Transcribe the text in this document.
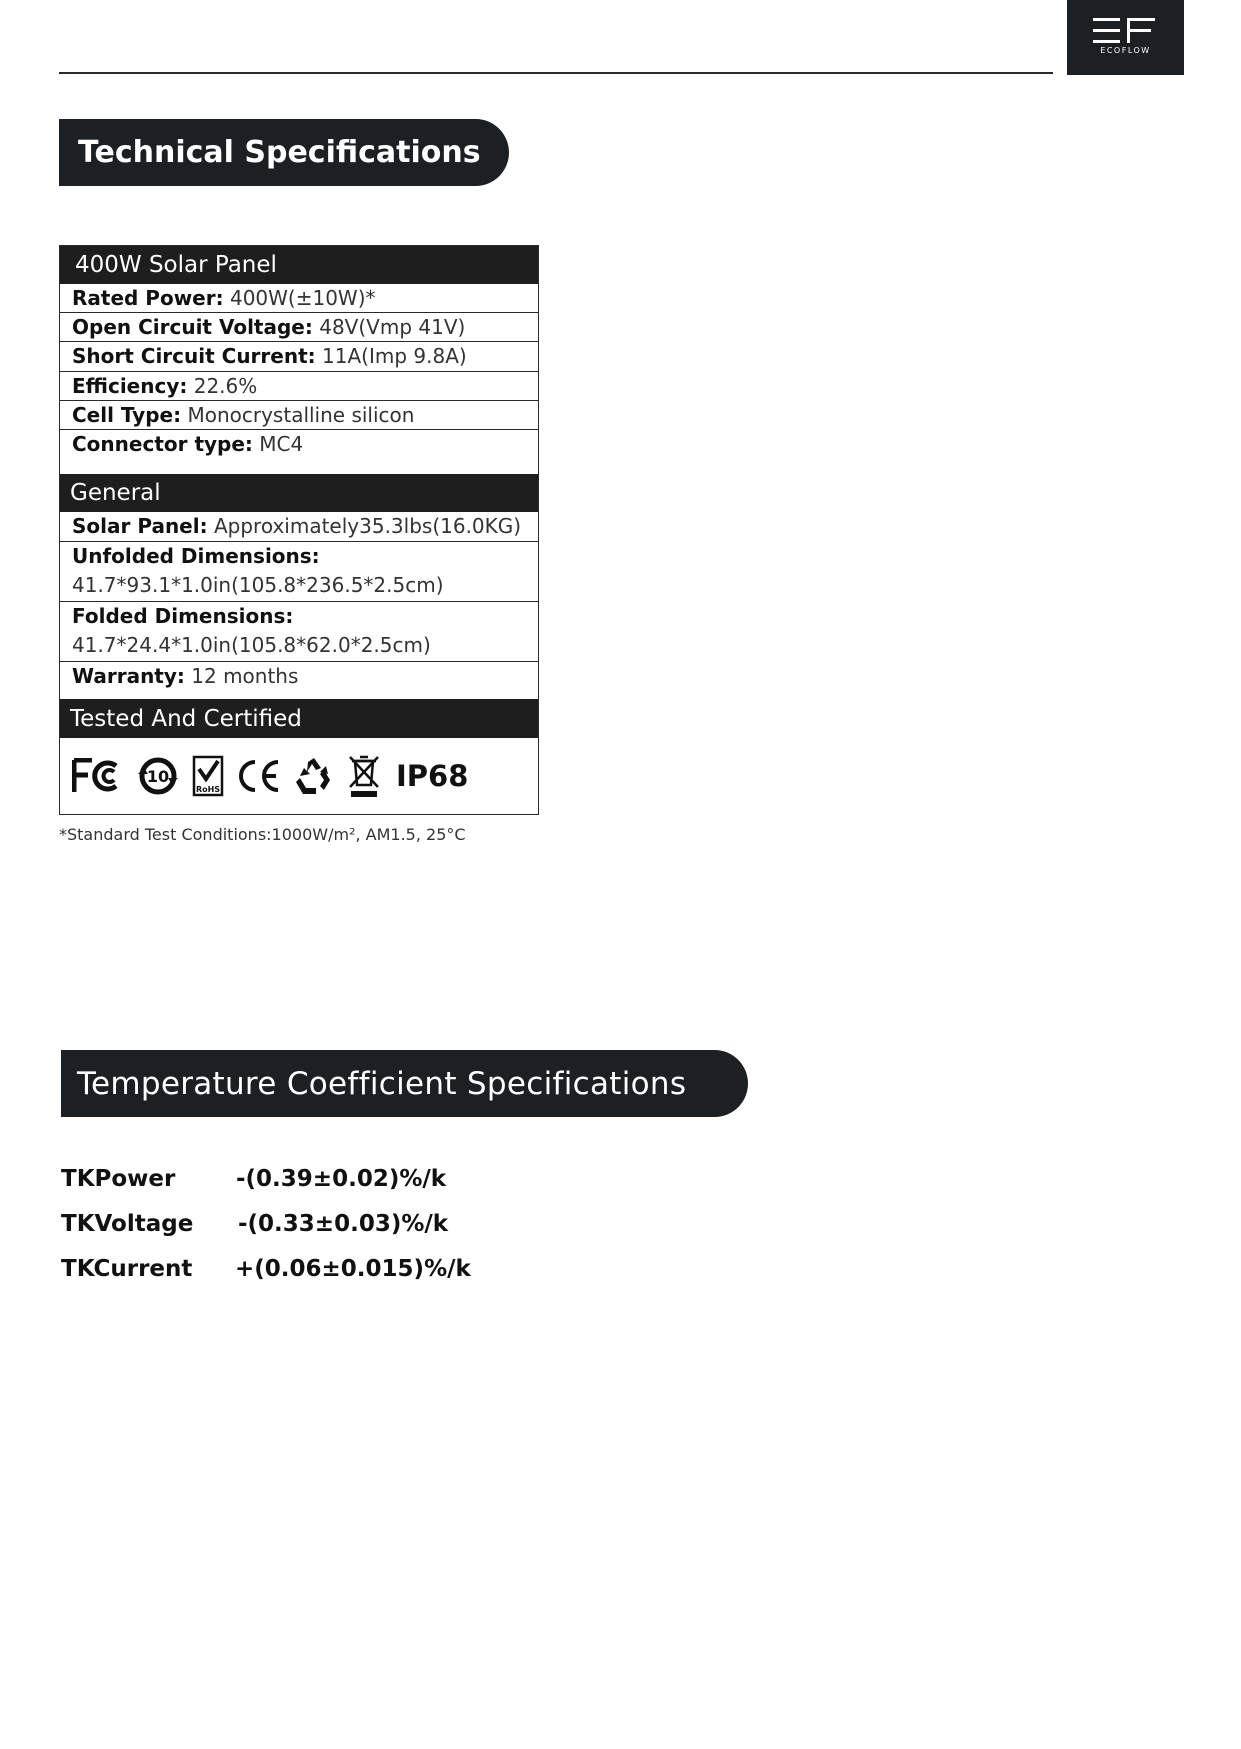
ECOFLOW
Technical Specifications
400W Solar Panel
Rated Power: 400W(±10W)*
Open Circuit Voltage: 48V(Vmp 41V)
Short Circuit Current: 11A(Imp 9.8A)
Efficiency: 22.6%
Cell Type: Monocrystalline silicon
Connector type: MC4
General
Solar Panel: Approximately35.3lbs(16.0KG)
Unfolded Dimensions:
41.7*93.1*1.0in(105.8*236.5*2.5cm)
Folded Dimensions:
41.7*24.4*1.0in(105.8*62.0*2.5cm)
Warranty: 12 months
Tested And Certified
10
RoHS	IP68
*Standard Test Conditions:1000W/m², AM1.5, 25°C
Temperature Coefficient Specifications
TKPower	-(0.39±0.02)%/k
TKVoltage -(0.33±0.03)%/k
TKCurrent +(0.06±0.015)%/k
